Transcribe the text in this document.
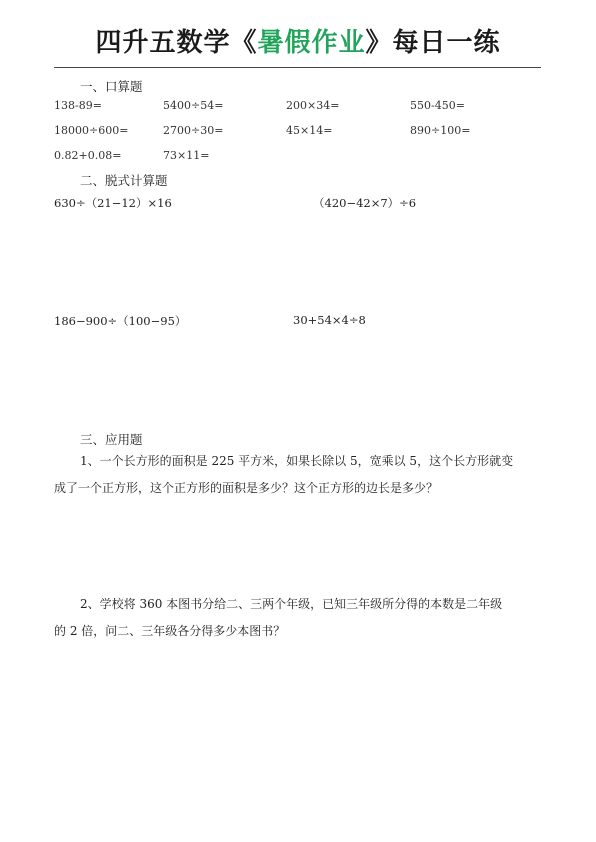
四升五数学《暑假作业》每日一练
一、口算题
138-89=	5400÷54=	200×34=	550-450=
18000÷600=	2700÷30=	45×14=	890÷100=
0.82+0.08=	73×11=
二、脱式计算题
630÷（21−12）×16	（420−42×7）÷6
186−900÷（100−95）	30+54×4÷8
三、应用题
1、一个长方形的面积是 225 平方米，如果长除以 5，宽乘以 5，这个长方形就变
成了一个正方形，这个正方形的面积是多少？这个正方形的边长是多少？
2、学校将 360 本图书分给二、三两个年级，已知三年级所分得的本数是二年级
的 2 倍，问二、三年级各分得多少本图书？
